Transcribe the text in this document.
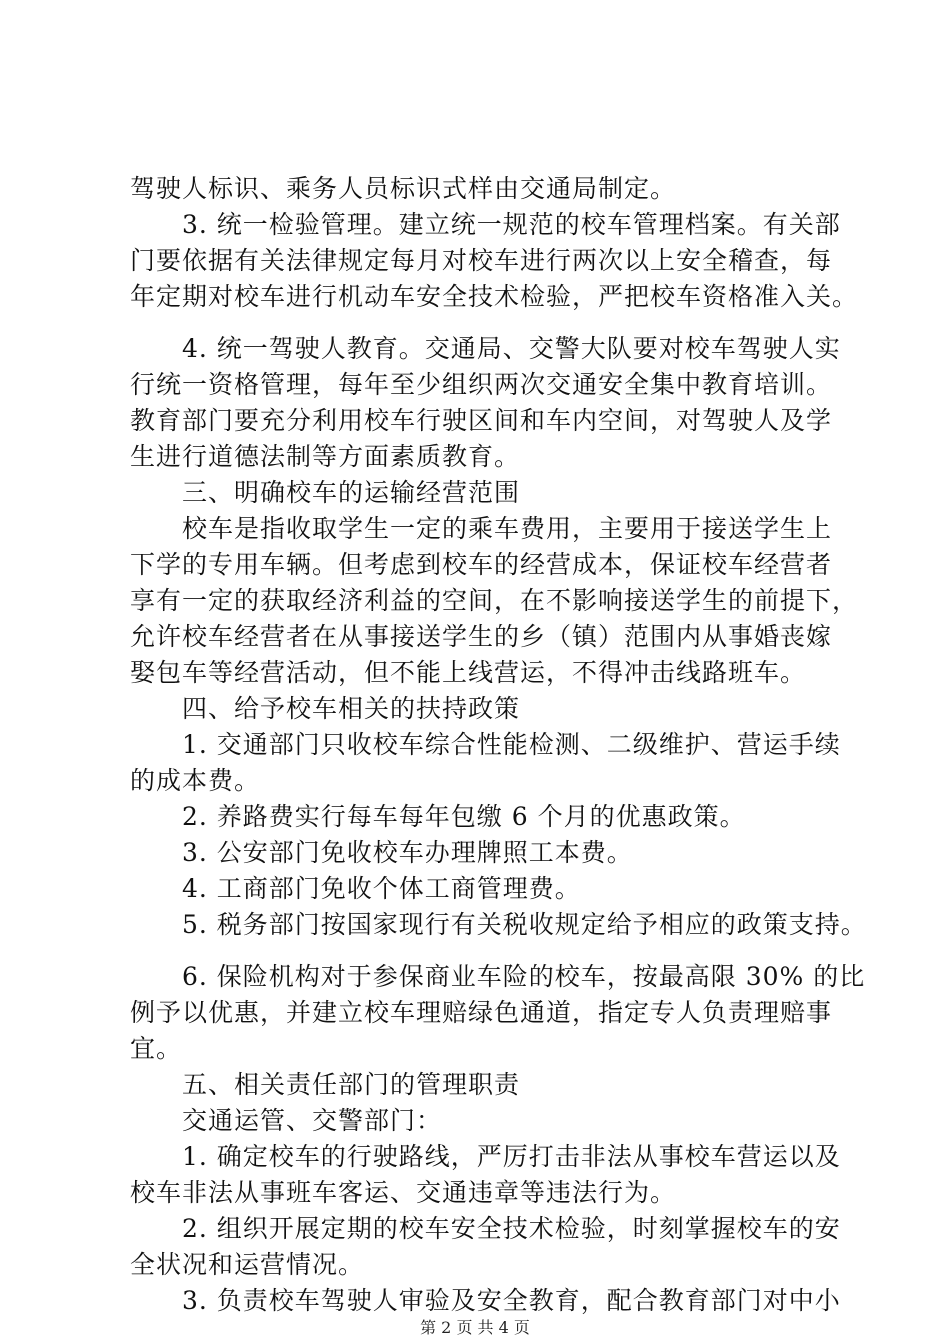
驾驶人标识、乘务人员标识式样由交通局制定。
　　3. 统一检验管理。建立统一规范的校车管理档案。有关部
门要依据有关法律规定每月对校车进行两次以上安全稽查，每
年定期对校车进行机动车安全技术检验，严把校车资格准入关。
　　4. 统一驾驶人教育。交通局、交警大队要对校车驾驶人实
行统一资格管理，每年至少组织两次交通安全集中教育培训。
教育部门要充分利用校车行驶区间和车内空间，对驾驶人及学
生进行道德法制等方面素质教育。
　　三、明确校车的运输经营范围
　　校车是指收取学生一定的乘车费用，主要用于接送学生上
下学的专用车辆。但考虑到校车的经营成本，保证校车经营者
享有一定的获取经济利益的空间，在不影响接送学生的前提下，
允许校车经营者在从事接送学生的乡（镇）范围内从事婚丧嫁
娶包车等经营活动，但不能上线营运，不得冲击线路班车。
　　四、给予校车相关的扶持政策
　　1. 交通部门只收校车综合性能检测、二级维护、营运手续
的成本费。
　　2. 养路费实行每车每年包缴 6 个月的优惠政策。
　　3. 公安部门免收校车办理牌照工本费。
　　4. 工商部门免收个体工商管理费。
　　5. 税务部门按国家现行有关税收规定给予相应的政策支持。
　　6. 保险机构对于参保商业车险的校车，按最高限 30% 的比
例予以优惠，并建立校车理赔绿色通道，指定专人负责理赔事
宜。
　　五、相关责任部门的管理职责
　　交通运管、交警部门：
　　1. 确定校车的行驶路线，严厉打击非法从事校车营运以及
校车非法从事班车客运、交通违章等违法行为。
　　2. 组织开展定期的校车安全技术检验，时刻掌握校车的安
全状况和运营情况。
　　3. 负责校车驾驶人审验及安全教育，配合教育部门对中小
第 2 页 共 4 页
